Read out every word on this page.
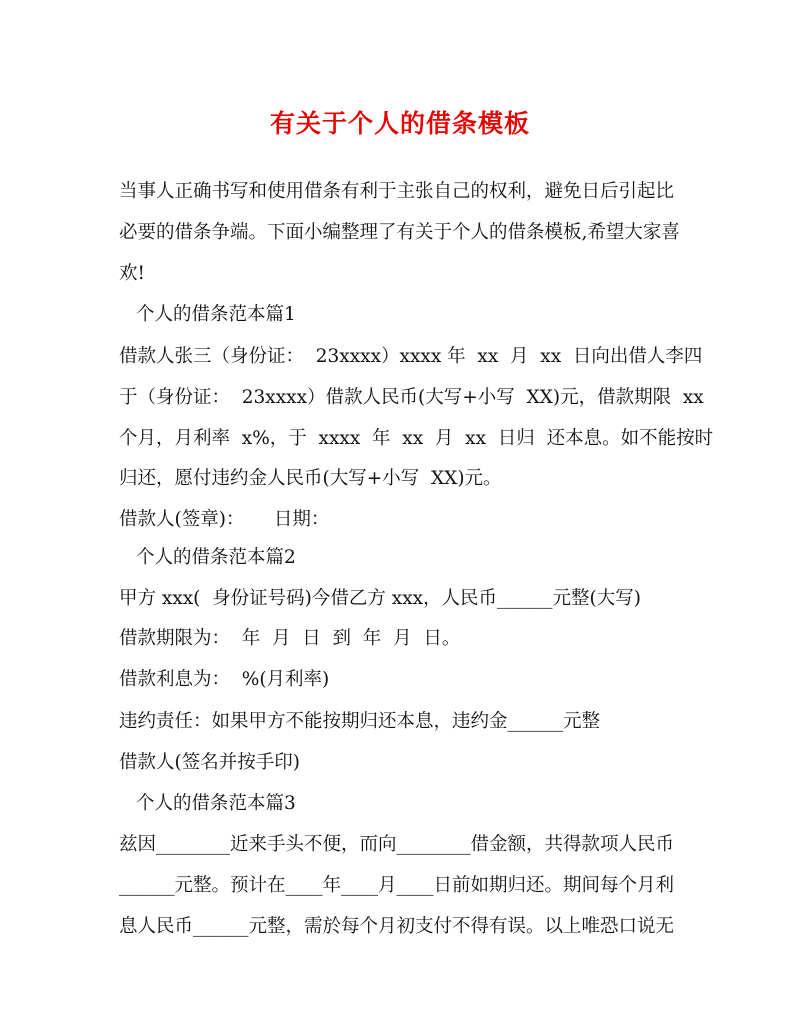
有关于个人的借条模板
当事人正确书写和使用借条有利于主张自己的权利，避免日后引起比
必要的借条争端。下面小编整理了有关于个人的借条模板,希望大家喜
欢!
个人的借条范本篇1
借款人张三（身份证：  23xxxx）xxxx 年  xx  月  xx  日向出借人李四
于（身份证：  23xxxx）借款人民币(大写+小写  XX)元，借款期限  xx
个月，月利率  x%，于  xxxx  年  xx  月  xx  日归  还本息。如不能按时
归还，愿付违约金人民币(大写+小写  XX)元。
借款人(签章)：     日期：
个人的借条范本篇2
甲方 xxx(  身份证号码)今借乙方 xxx，人民币______元整(大写)
借款期限为：  年  月  日  到  年  月  日。
借款利息为：  %(月利率)
违约责任：如果甲方不能按期归还本息，违约金______元整
借款人(签名并按手印)
个人的借条范本篇3
兹因________近来手头不便，而向________借金额，共得款项人民币
______元整。预计在____年____月____日前如期归还。期间每个月利
息人民币______元整，需於每个月初支付不得有误。以上唯恐口说无
